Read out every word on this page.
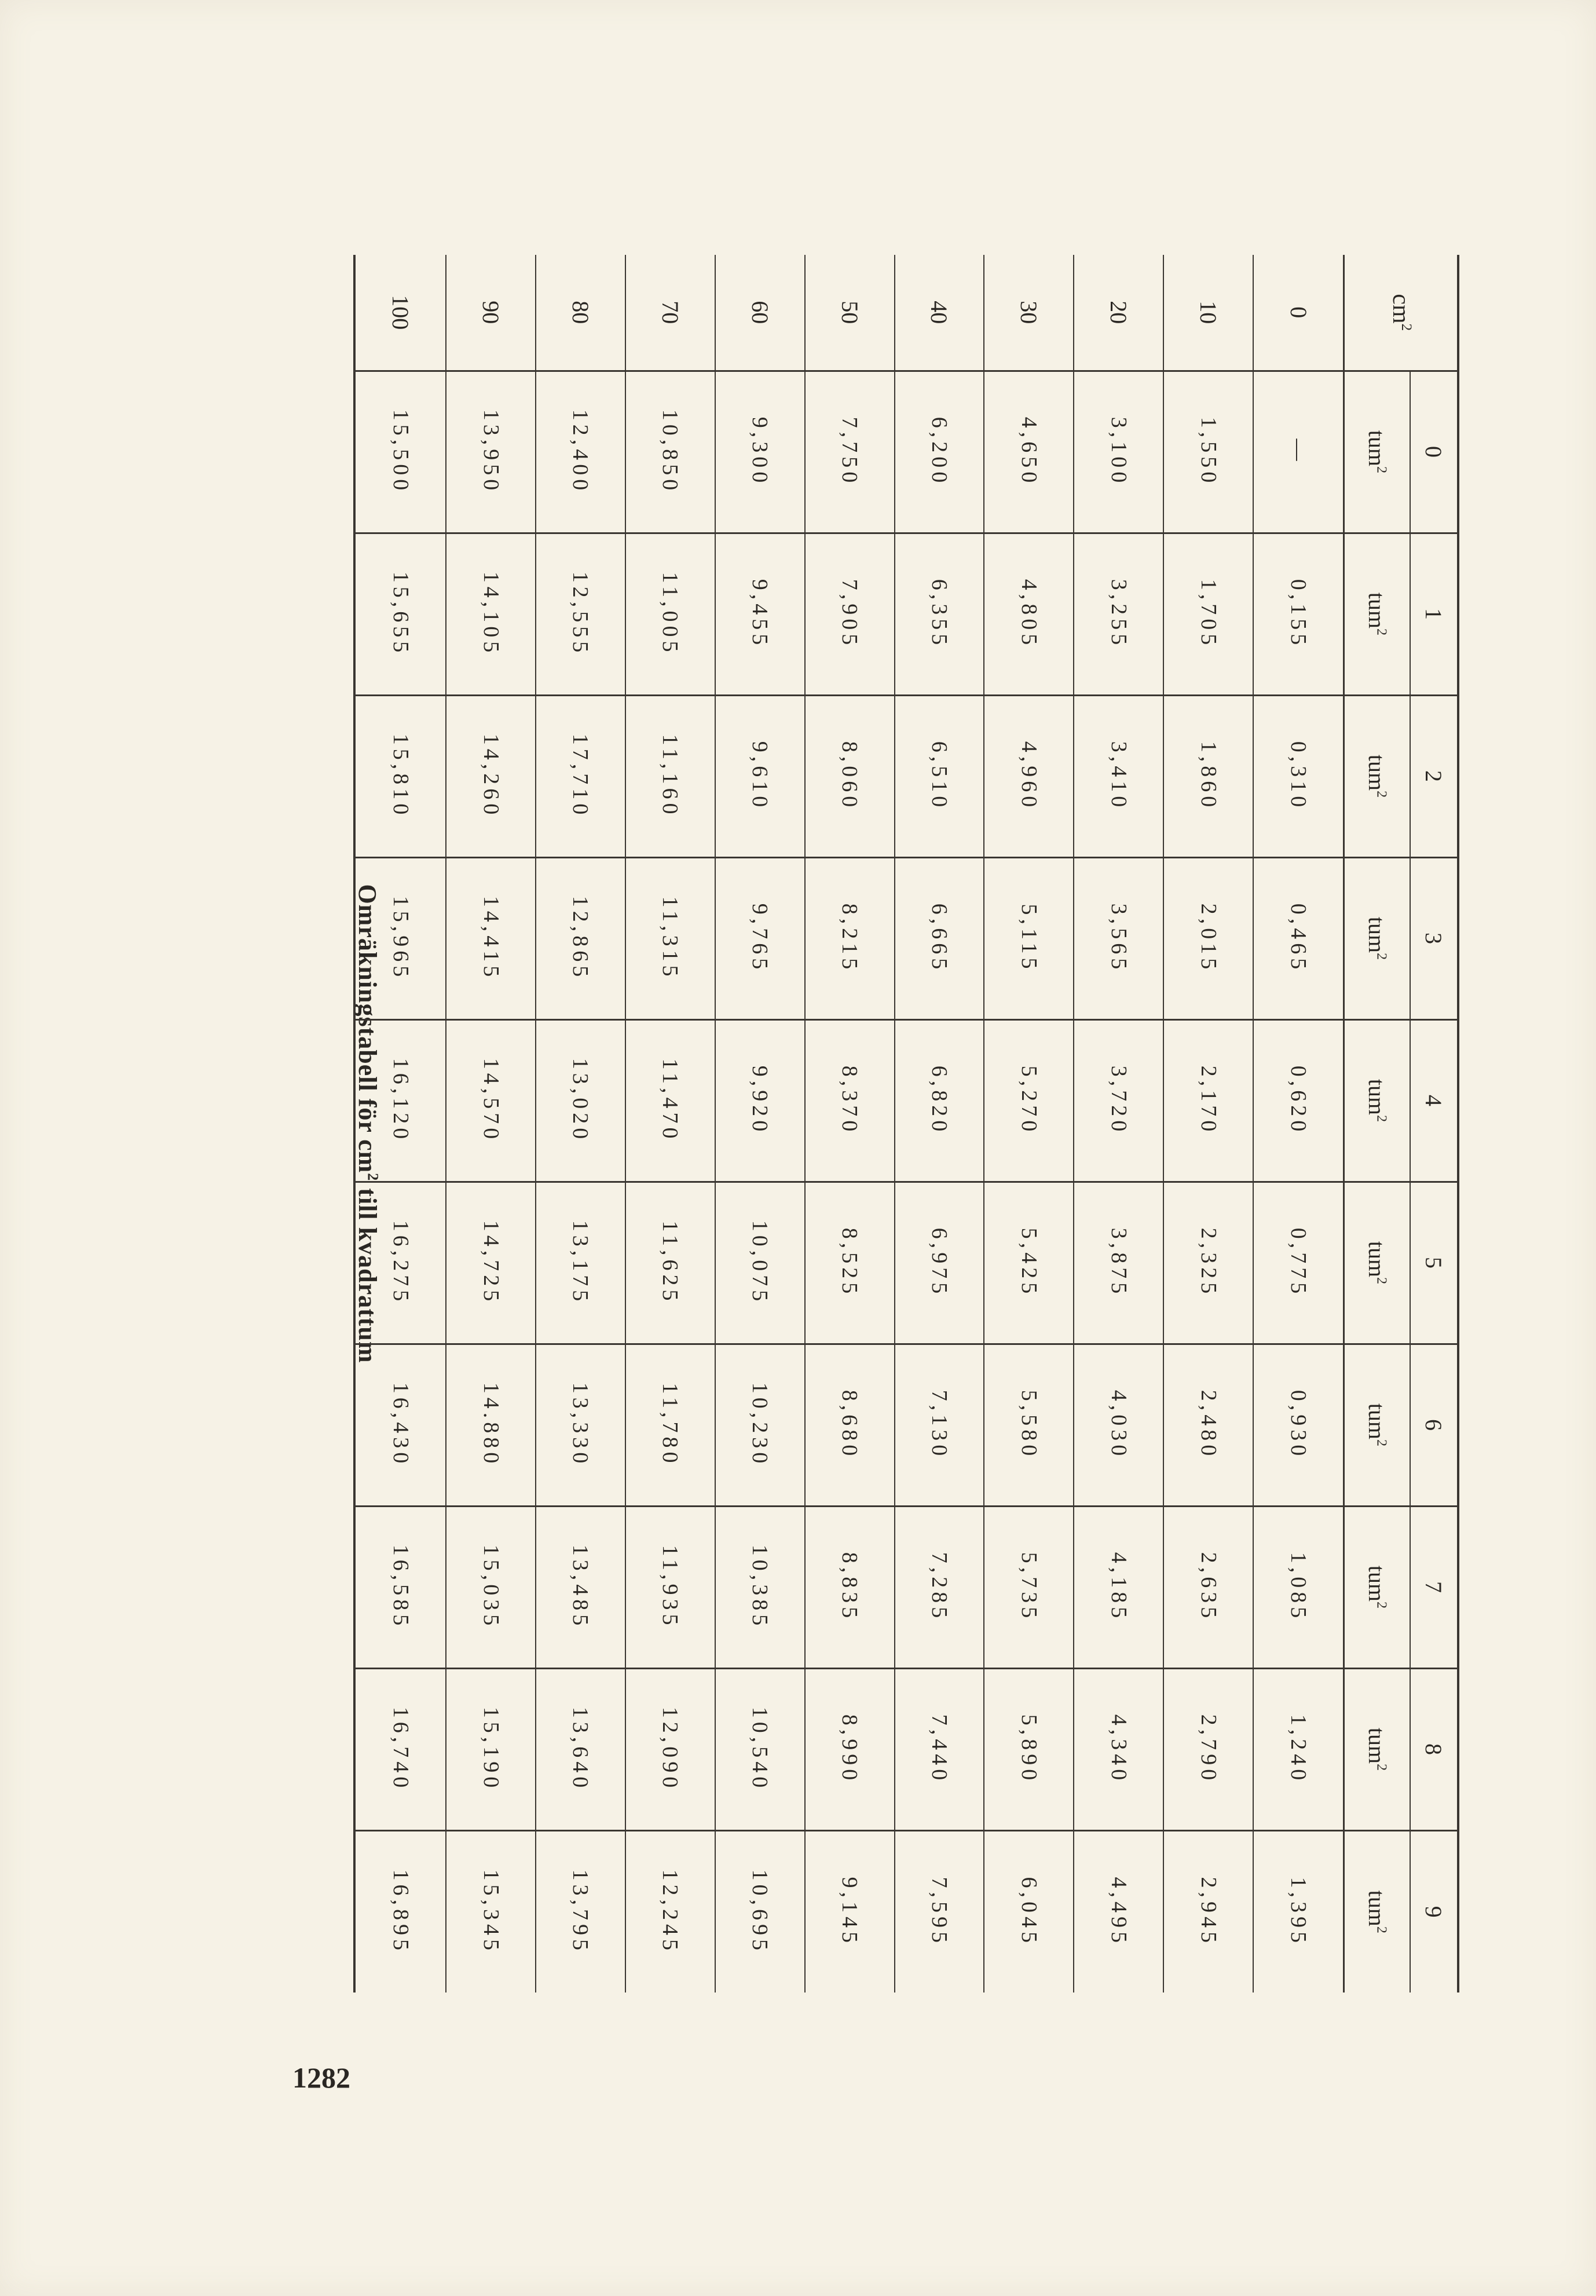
Omräkningstabell för $cm^2$ till kvadrattum
$cm^2$	0	1	2	3	4	5	6	7	8	9
	tum$^2$	tum$^2$	tum$^2$	tum$^2$	tum$^2$	tum$^2$	tum$^2$	tum$^2$	tum$^2$	tum$^2$
0	—	0,155	0,310	0,465	0,620	0,775	0,930	1,085	1,240	1,395
10	1,550	1,705	1,860	2,015	2,170	2,325	2,480	2,635	2,790	2,945
20	3,100	3,255	3,410	3,565	3,720	3,875	4,030	4,185	4,340	4,495
30	4,650	4,805	4,960	5,115	5,270	5,425	5,580	5,735	5,890	6,045
40	6,200	6,355	6,510	6,665	6,820	6,975	7,130	7,285	7,440	7,595
50	7,750	7,905	8,060	8,215	8,370	8,525	8,680	8,835	8,990	9,145
60	9,300	9,455	9,610	9,765	9,920	10,075	10,230	10,385	10,540	10,695
70	10,850	11,005	11,160	11,315	11,470	11,625	11,780	11,935	12,090	12,245
80	12,400	12,555	17,710	12,865	13,020	13,175	13,330	13,485	13,640	13,795
90	13,950	14,105	14,260	14,415	14,570	14,725	14.880	15,035	15,190	15,345
100	15,500	15,655	15,810	15,965	16,120	16,275	16,430	16,585	16,740	16,895

1282
